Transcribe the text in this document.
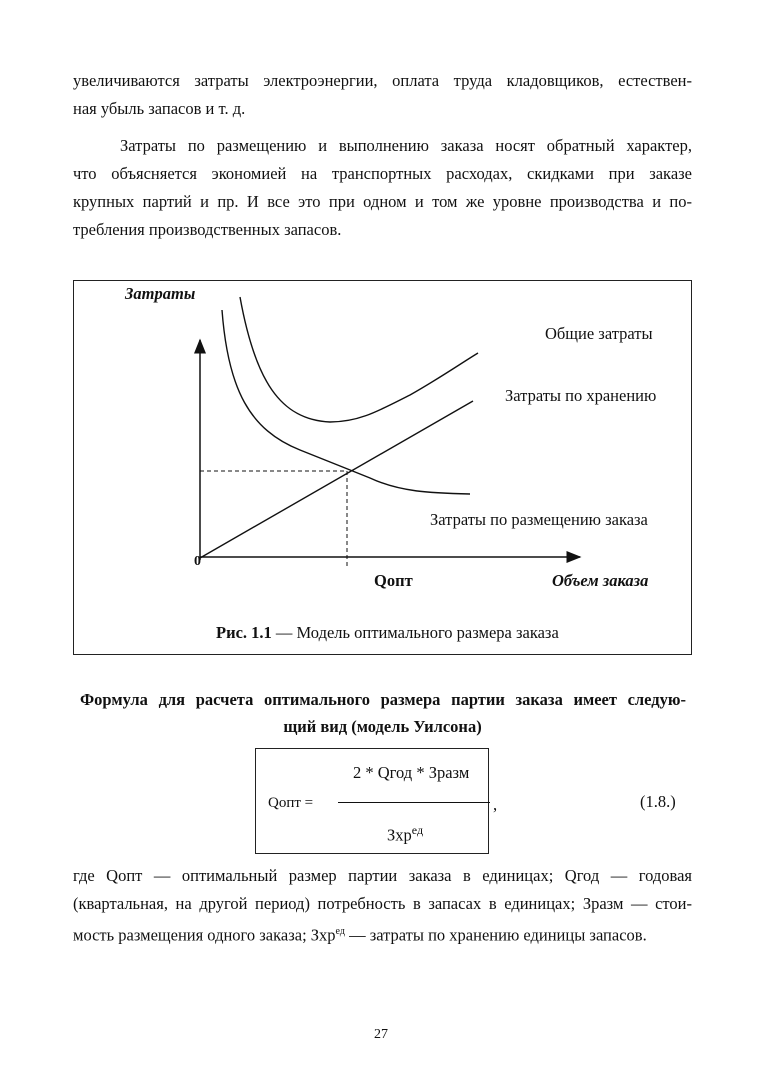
увеличиваются затраты электроэнергии, оплата труда кладовщиков, естествен-
ная убыль запасов и т. д.
Затраты по размещению и выполнению заказа носят обратный характер,
что объясняется экономией на транспортных расходах, скидками при заказе
крупных партий и пр. И все это при одном и том же уровне производства и по-
требления производственных запасов.
Затраты
Общие затраты
Затраты по хранению
Затраты по размещению заказа
0
Qопт	Объем заказа
Рис. 1.1 — Модель оптимального размера заказа
Формула для расчета оптимального размера партии заказа имеет следую-
щий вид (модель Уилсона)
2 * Qгод * Зразм
Qопт =	,
Зхр$^{ед}$
(1.8.)
где Qопт — оптимальный размер партии заказа в единицах; Qгод — годовая
(квартальная, на другой период) потребность в запасах в единицах; Зразм — стои-
мость размещения одного заказа; Зхр$^{ед}$ — затраты по хранению единицы запасов.
27
